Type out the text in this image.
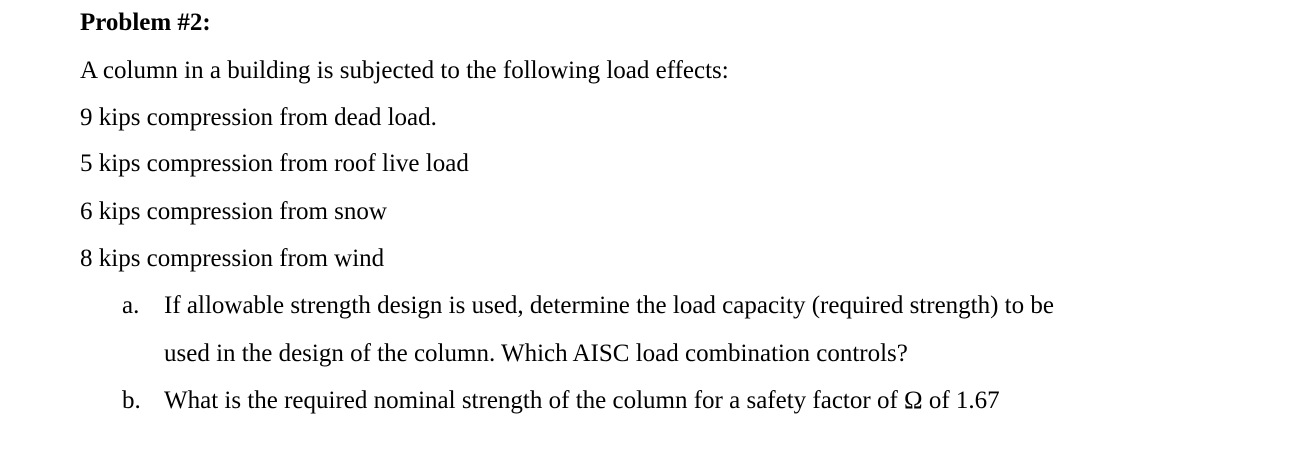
Problem #2:
A column in a building is subjected to the following load effects:
9 kips compression from dead load.
5 kips compression from roof live load
6 kips compression from snow
8 kips compression from wind
a. If allowable strength design is used, determine the load capacity (required strength) to be
used in the design of the column. Which AISC load combination controls?
b. What is the required nominal strength of the column for a safety factor of Ω of 1.67
